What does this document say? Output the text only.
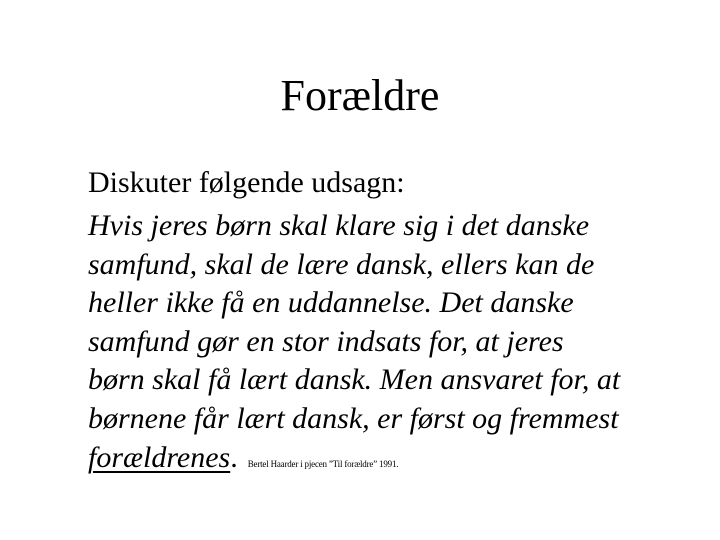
Forældre
Diskuter følgende udsagn:
Hvis jeres børn skal klare sig i det danske
samfund, skal de lære dansk, ellers kan de
heller ikke få en uddannelse. Det danske
samfund gør en stor indsats for, at jeres
børn skal få lært dansk. Men ansvaret for, at
børnene får lært dansk, er først og fremmest
forældrenes. Bertel Haarder i pjecen ”Til forældre” 1991.
